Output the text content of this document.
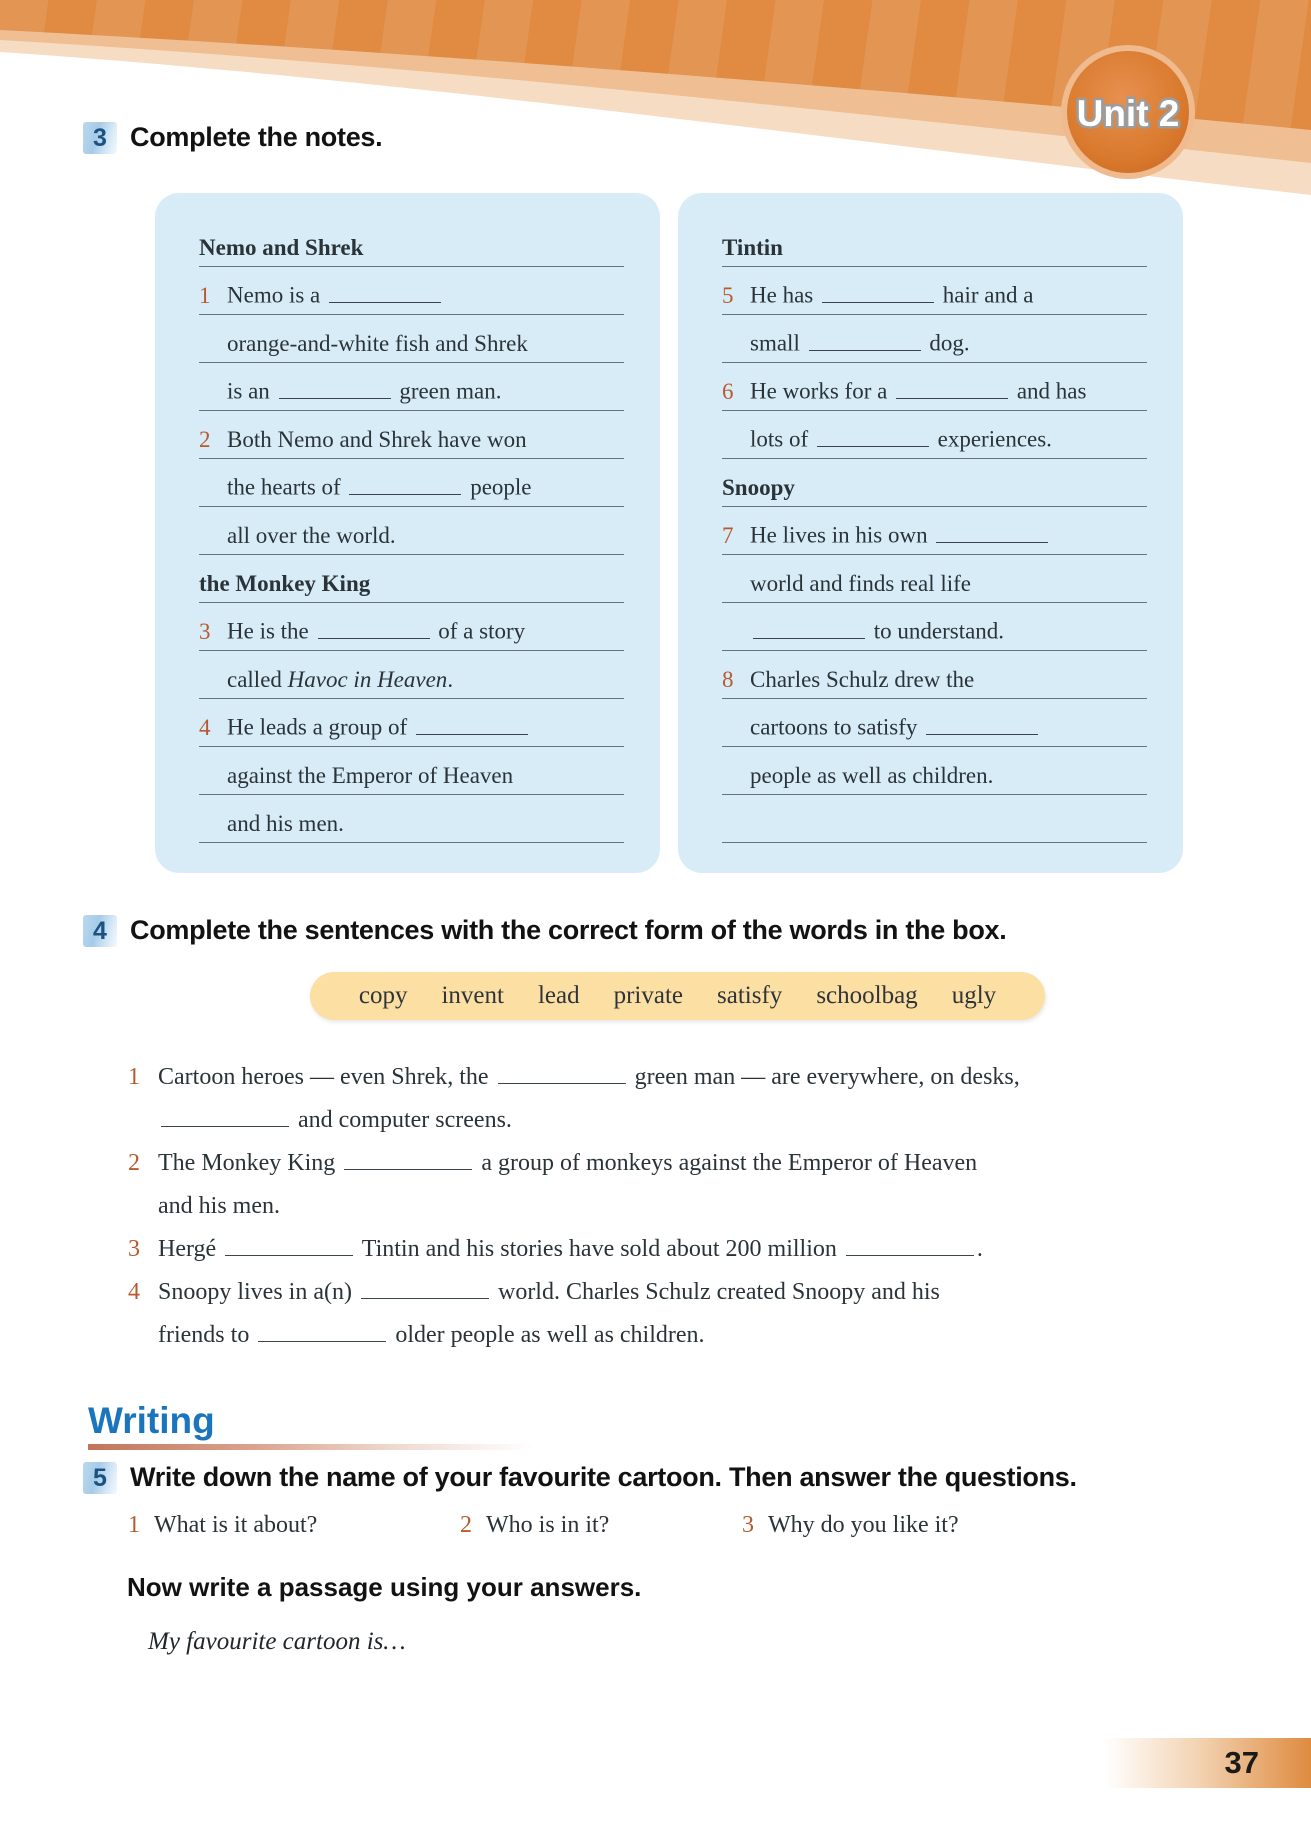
Unit 2
3 Complete the notes.
Nemo and Shrek
1 Nemo is a
orange-and-white fish and Shrek
is an	green man.
2 Both Nemo and Shrek have won
the hearts of	people
all over the world.
the Monkey King
3 He is the	of a story
called Havoc in Heaven.
4 He leads a group of
against the Emperor of Heaven
and his men.
Tintin
5 He has	hair and a
small	dog.
6 He works for a	and has
lots of	experiences.
Snoopy
7 He lives in his own
world and finds real life
to understand.
8 Charles Schulz drew the
cartoons to satisfy
people as well as children.
4 Complete the sentences with the correct form of the words in the box.
copy invent lead private satisfy schoolbag ugly
1 Cartoon heroes — even Shrek, the	green man — are everywhere, on desks,
and computer screens.
2 The Monkey King	a group of monkeys against the Emperor of Heaven
and his men.
3 Hergé	Tintin and his stories have sold about 200 million	.
4 Snoopy lives in a(n)	world. Charles Schulz created Snoopy and his
friends to	older people as well as children.
Writing
5 Write down the name of your favourite cartoon. Then answer the questions.
1 What is it about?	2 Who is in it?	3 Why do you like it?
Now write a passage using your answers.
My favourite cartoon is…
37
